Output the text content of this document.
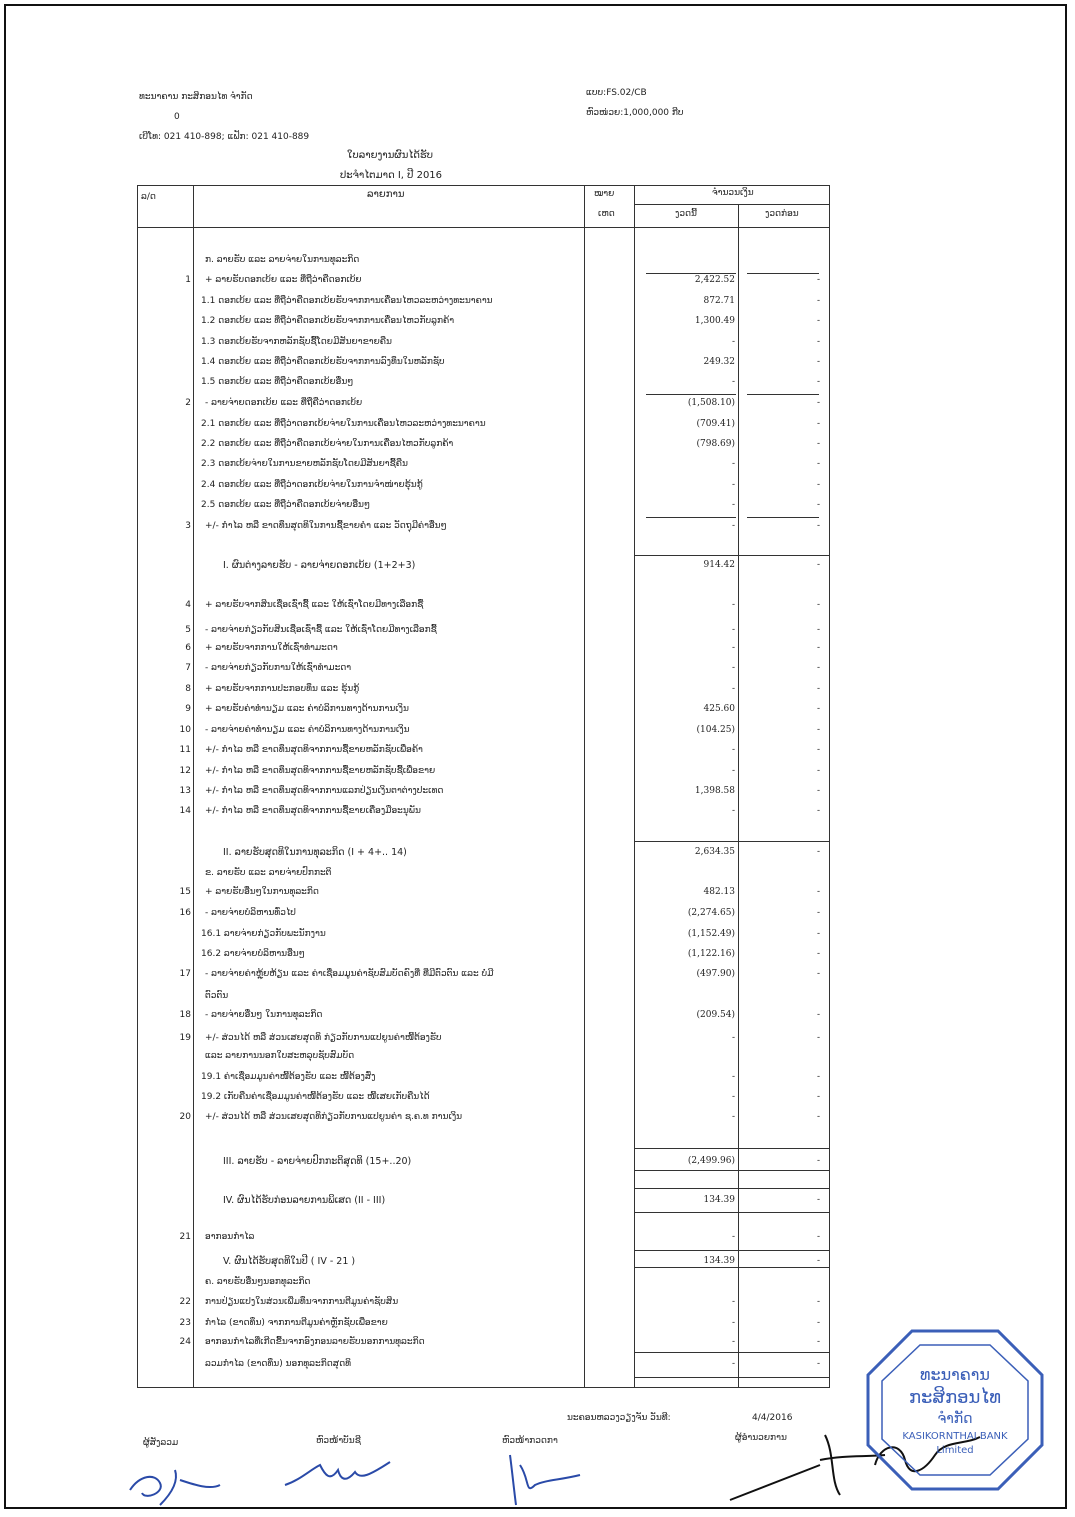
ທະນາຄານ ກະສິກອນໄທ ຈຳກັດ
0
ເບີໂທ: 021 410-898; ແຟັກ: 021 410-889
ແບບ:FS.02/CB
ຫົວໜ່ວຍ:1,000,000 ກີບ
ໃບລາຍງານຜົນໄດ້ຮັບ
ປະຈຳໄຕມາດ I, ປີ 2016
ລ/ດ	ລາຍການ	ໝາຍ
ເຫດ
ຈຳນວນເງິນ
ງວດນີ້	ງວດກ່ອນ
ກ. ລາຍຮັບ ແລະ ລາຍຈ່າຍໃນການທຸລະກິດ
1 + ລາຍຮັບດອກເບ້ຍ ແລະ ທີ່ຖືວ່າຄືດອກເບ້ຍ	2,422.52	-
1.1 ດອກເບ້ຍ ແລະ ທີ່ຖືວ່າຄືດອກເບ້ຍຮັບຈາກການເຄື່ອນໄຫວລະຫວ່າງທະນາຄານ	872.71	-
1.2 ດອກເບ້ຍ ແລະ ທີ່ຖືວ່າຄືດອກເບ້ຍຮັບຈາກການເຄື່ອນໄຫວກັບລູກຄ້າ	1,300.49	-
1.3 ດອກເບ້ຍຮັບຈາກຫລັກຊັບຊື້ໂດຍມີສັນຍາຂາຍຄືນ	-	-
1.4 ດອກເບ້ຍ ແລະ ທີ່ຖືວ່າຄືດອກເບ້ຍຮັບຈາກການລົງທຶນໃນຫລັກຊັບ	249.32	-
1.5 ດອກເບ້ຍ ແລະ ທີ່ຖືວ່າຄືດອກເບ້ຍອື່ນໆ	-	-
2 - ລາຍຈ່າຍດອກເບ້ຍ ແລະ ທີ່ຖືຄືວ່າດອກເບ້ຍ	(1,508.10)	-
2.1 ດອກເບ້ຍ ແລະ ທີ່ຖືວ່າດອກເບ້ຍຈ່າຍໃນການເຄື່ອນໄຫວລະຫວ່າງທະນາຄານ	(709.41)	-
2.2 ດອກເບ້ຍ ແລະ ທີ່ຖືວ່າຄືດອກເບ້ຍຈ່າຍໃນການເຄື່ອນໄຫວກັບລູກຄ້າ	(798.69)	-
2.3 ດອກເບ້ຍຈ່າຍໃນການຂາຍຫລັກຊັບໂດຍມີສັນຍາຊື້ຄືນ	-	-
2.4 ດອກເບ້ຍ ແລະ ທີ່ຖືວ່າດອກເບ້ຍຈ່າຍໃນການຈຳໜ່າຍຮຸ້ນກູ້	-	-
2.5 ດອກເບ້ຍ ແລະ ທີ່ຖືວ່າຄືດອກເບ້ຍຈ່າຍອື່ນໆ	-	-
3 +/- ກຳໄລ ຫລື ຂາດທຶນສຸດທິໃນການຊື້ຂາຍຄຳ ແລະ ວັດຖຸມີຄ່າອື່ນໆ	-	-
I. ຜົນຕ່າງລາຍຮັບ - ລາຍຈ່າຍດອກເບ້ຍ (1+2+3)	914.42	-
4 + ລາຍຮັບຈາກສິນເຊື່ອເຊົ່າຊື້ ແລະ ໃຫ້ເຊົ່າໂດຍມີທາງເລືອກຊື້	-	-
5 - ລາຍຈ່າຍກ່ຽວກັບສິນເຊື່ອເຊົ່າຊື້ ແລະ ໃຫ້ເຊົ່າໂດຍມີທາງເລືອກຊື້	-	-
6 + ລາຍຮັບຈາກການໃຫ້ເຊົ່າທຳມະດາ	-	-
7 - ລາຍຈ່າຍກ່ຽວກັບການໃຫ້ເຊົ່າທຳມະດາ	-	-
8 + ລາຍຮັບຈາກການປະກອບທຶນ ແລະ ຮຸ້ນກູ້	-	-
9 + ລາຍຮັບຄ່າທຳນຽມ ແລະ ຄ່າບໍລິການທາງດ້ານການເງິນ	425.60	-
10 - ລາຍຈ່າຍຄ່າທຳນຽມ ແລະ ຄ່າບໍລິການທາງດ້ານການເງິນ	(104.25)	-
11 +/- ກຳໄລ ຫລື ຂາດທຶນສຸດທິຈາກການຊື້ຂາຍຫລັກຊັບເພື່ອຄ້າ	-	-
12 +/- ກຳໄລ ຫລື ຂາດທຶນສຸດທິຈາກການຊື້ຂາຍຫລັກຊັບຊື້ເພື່ອຂາຍ	-	-
13 +/- ກຳໄລ ຫລື ຂາດທຶນສຸດທິຈາກການແລກປ່ຽນເງິນຕາຕ່າງປະເທດ	1,398.58	-
14 +/- ກຳໄລ ຫລື ຂາດທຶນສຸດທິຈາກການຊື້ຂາຍເຄື່ອງມືອະນຸພັນ	-	-
II. ລາຍຮັບສຸດທິໃນການທຸລະກິດ (I + 4+.. 14)	2,634.35	-
ຂ. ລາຍຮັບ ແລະ ລາຍຈ່າຍປົກກະຕິ
15 + ລາຍຮັບອື່ນໆໃນການທຸລະກິດ	482.13	-
16 - ລາຍຈ່າຍບໍລິຫານທົ່ວໄປ	(2,274.65)	-
16.1 ລາຍຈ່າຍກ່ຽວກັບພະນັກງານ	(1,152.49)	-
16.2 ລາຍຈ່າຍບໍລິຫານອື່ນໆ	(1,122.16)	-
17 - ລາຍຈ່າຍຄ່າຫຼຸ້ຍຫ້ຽນ ແລະ ຄ່າເຊື່ອມມູນຄ່າຊັບສົມບັດຄົງທີ່ ທີ່ມີຕົວຕົນ ແລະ ບໍ່ມີ	(497.90)	-
ຕົວຕົນ
18 - ລາຍຈ່າຍອື່ນໆ ໃນການທຸລະກິດ	(209.54)	-
19 +/- ສ່ວນໄດ້ ຫລື ສ່ວນເສຍສຸດທິ ກ່ຽວກັບການແປຍູນຄ່າໜີ້ຕ້ອງຮັບ	-	-
ແລະ ລາຍການນອກໃບສະຫລຸບຊັບສົມບັດ
19.1 ຄ່າເຊື່ອມມູນຄ່າໜີ້ຕ້ອງຮັບ ແລະ ໜີ້ຕ້ອງສົ່ງ	-	-
19.2 ເກັບຄືນຄ່າເຊື່ອມມູນຄ່າໜີ້ຕ້ອງຮັບ ແລະ ໜີ້ເສຍເກັບຄືນໄດ້	-	-
20 +/- ສ່ວນໄດ້ ຫລື ສ່ວນເສຍສຸດທິກ່ຽວກັບການແປຍູນຄ່າ ຊ.ຄ.ທ ການເງິນ	-	-
III. ລາຍຮັບ - ລາຍຈ່າຍປົກກະຕິສຸດທິ (15+..20)	(2,499.96)	-
IV. ຜົນໄດ້ຮັບກ່ອນລາຍການພິເສດ (II - III)	134.39	-
21 ອາກອນກຳໄລ	-	-
V. ຜົນໄດ້ຮັບສຸດທິໃນປີ ( IV - 21 )	134.39	-
ຄ. ລາຍຮັບອື່ນໆນອກທຸລະກິດ
22 ການປ່ຽນແປງໃນສ່ວນເພີ່ມທຶນຈາກການຕີມູນຄ່າຊັບສິນ	-	-
23 ກຳໄລ (ຂາດທຶນ) ຈາກການຕີມູນຄ່າຫຼັກຊັບເພື່ອຂາຍ	-	-
24 ອາກອນກຳໄລທີ່ເກີດຂື້ນຈາກອົງກອນລາຍຮັບນອກການທຸລະກິດ	-	-
ລວມກຳໄລ (ຂາດທຶນ) ນອກທຸລະກິດສຸດທິ	-	-
ນະຄອນຫລວງວຽງຈັນ ວັນທີ:	4/4/2016
ຜູ້ສັງລວມ	ຫົວໜ້າບັນຊີ	ຫົວໜ້າກວດກາ	ຜູ້ອຳນວຍການ
ທະນາຄານ
ກະສິກອນໄທ
ຈຳກັດ
KASIKORNTHAI BANK
Limited
